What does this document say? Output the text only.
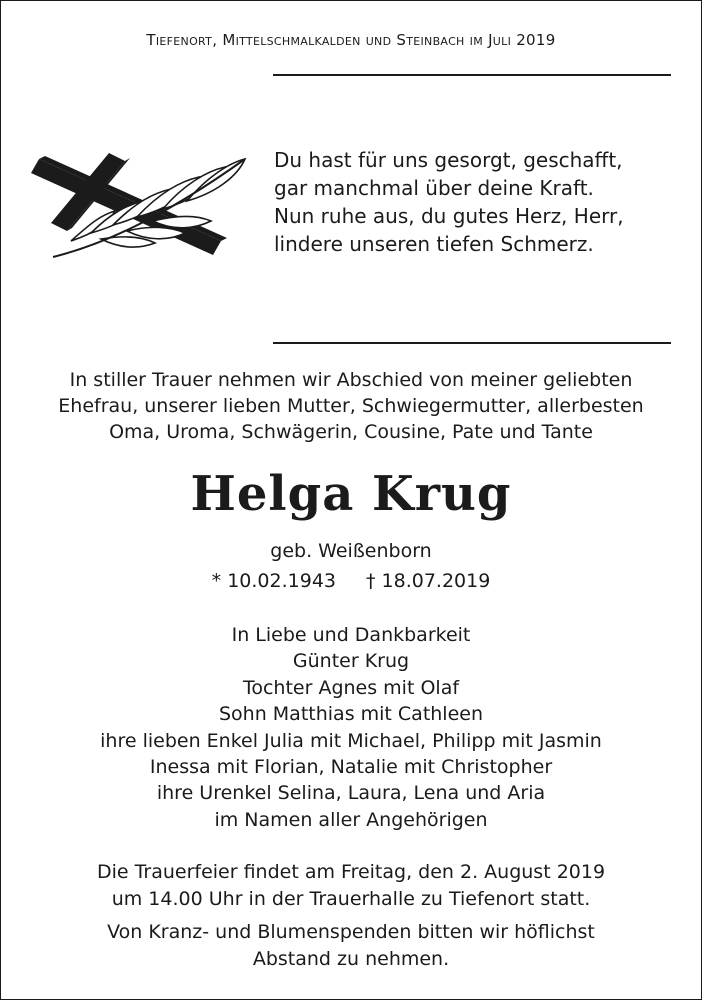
Tiefenort, Mittelschmalkalden und Steinbach im Juli 2019
Du hast für uns gesorgt, geschafft,
gar manchmal über deine Kraft.
Nun ruhe aus, du gutes Herz, Herr,
lindere unseren tiefen Schmerz.
In stiller Trauer nehmen wir Abschied von meiner geliebten
Ehefrau, unserer lieben Mutter, Schwiegermutter, allerbesten
Oma, Uroma, Schwägerin, Cousine, Pate und Tante
Helga Krug
geb. Weißenborn
* 10.02.1943 † 18.07.2019
In Liebe und Dankbarkeit
Günter Krug
Tochter Agnes mit Olaf
Sohn Matthias mit Cathleen
ihre lieben Enkel Julia mit Michael, Philipp mit Jasmin
Inessa mit Florian, Natalie mit Christopher
ihre Urenkel Selina, Laura, Lena und Aria
im Namen aller Angehörigen
Die Trauerfeier findet am Freitag, den 2. August 2019
um 14.00 Uhr in der Trauerhalle zu Tiefenort statt.
Von Kranz- und Blumenspenden bitten wir höflichst
Abstand zu nehmen.
